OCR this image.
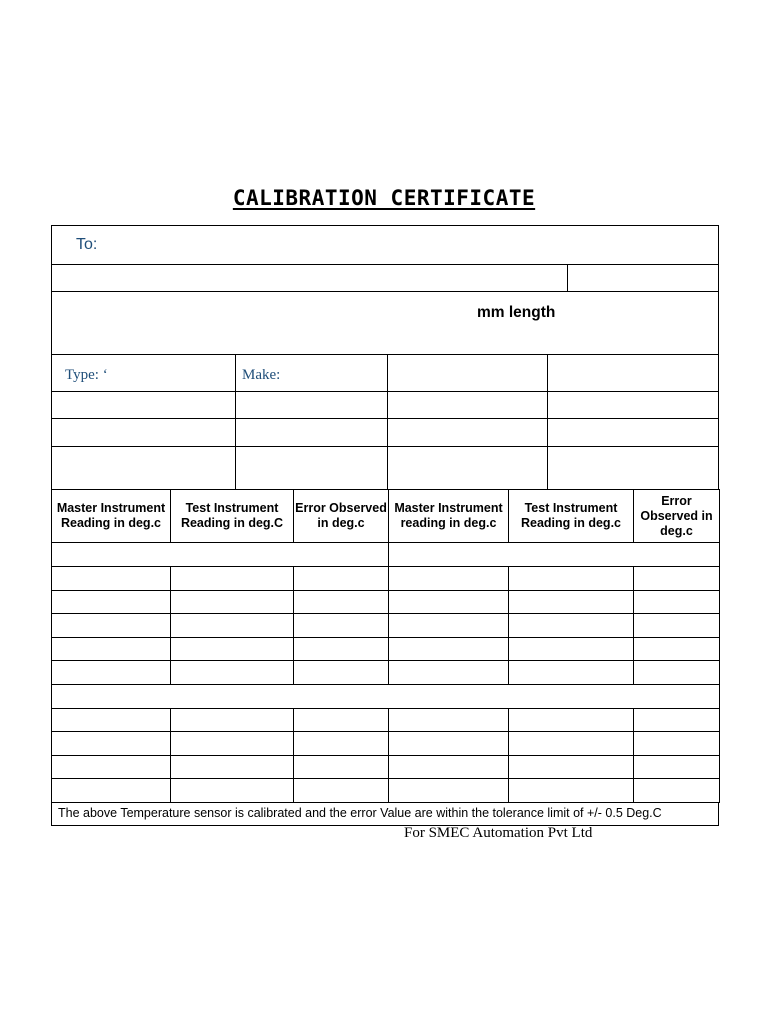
CALIBRATION CERTIFICATE
To:
mm length
Type: ‘	Make:
Master Instrument Reading in deg.c	Test Instrument Reading in deg.C	Error Observed in deg.c	Master Instrument reading in deg.c	Test Instrument Reading in deg.c	Error Observed in deg.c

The above Temperature sensor is calibrated and the error Value are within the tolerance limit of +/- 0.5 Deg.C
For SMEC Automation Pvt Ltd
